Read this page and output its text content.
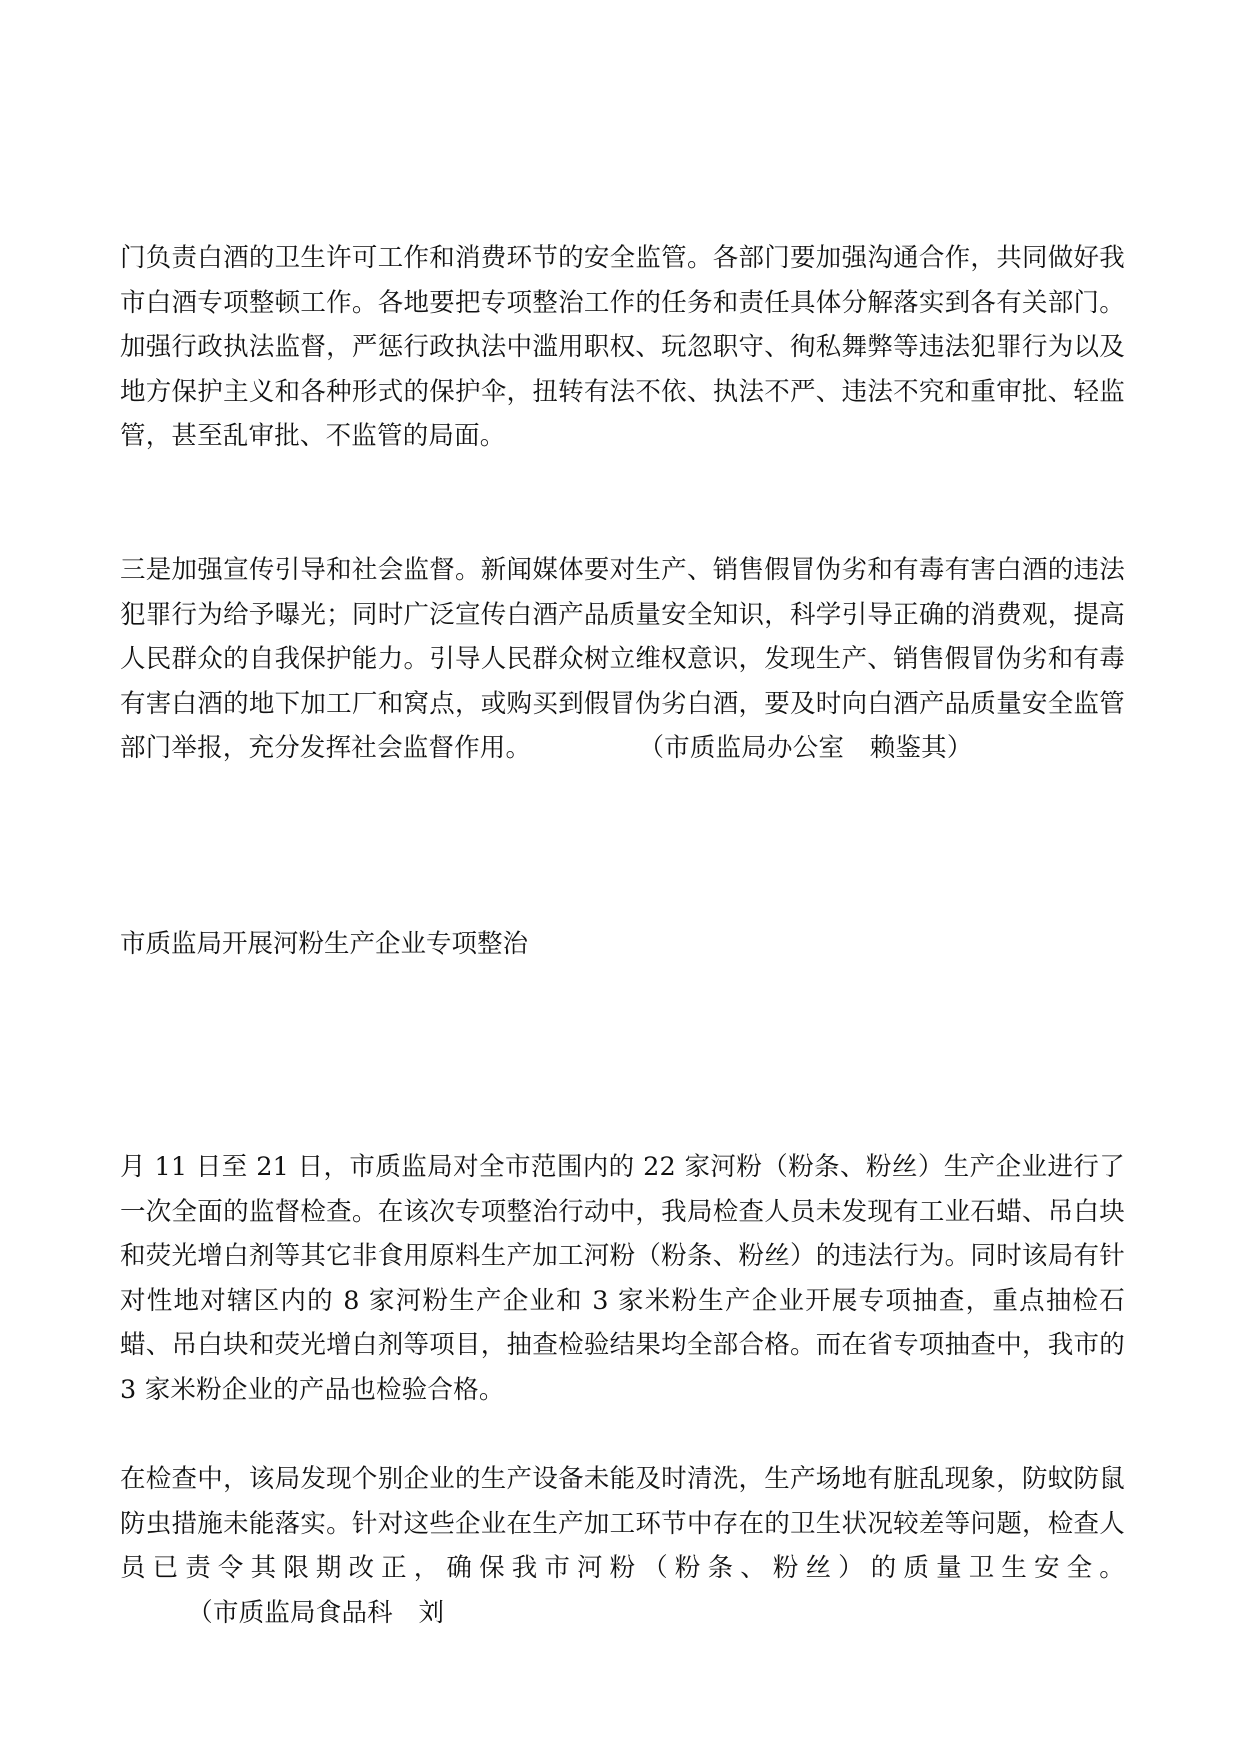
门负责白酒的卫生许可工作和消费环节的安全监管。各部门要加强沟通合作，共同做好我市白酒专项整顿工作。各地要把专项整治工作的任务和责任具体分解落实到各有关部门。加强行政执法监督，严惩行政执法中滥用职权、玩忽职守、徇私舞弊等违法犯罪行为以及地方保护主义和各种形式的保护伞，扭转有法不依、执法不严、违法不究和重审批、轻监管，甚至乱审批、不监管的局面。

三是加强宣传引导和社会监督。新闻媒体要对生产、销售假冒伪劣和有毒有害白酒的违法犯罪行为给予曝光；同时广泛宣传白酒产品质量安全知识，科学引导正确的消费观，提高人民群众的自我保护能力。引导人民群众树立维权意识，发现生产、销售假冒伪劣和有毒有害白酒的地下加工厂和窝点，或购买到假冒伪劣白酒，要及时向白酒产品质量安全监管部门举报，充分发挥社会监督作用。	（市质监局办公室　赖鉴其）

市质监局开展河粉生产企业专项整治

月 11 日至 21 日，市质监局对全市范围内的 22 家河粉（粉条、粉丝）生产企业进行了一次全面的监督检查。在该次专项整治行动中，我局检查人员未发现有工业石蜡、吊白块和荧光增白剂等其它非食用原料生产加工河粉（粉条、粉丝）的违法行为。同时该局有针对性地对辖区内的 8 家河粉生产企业和 3 家米粉生产企业开展专项抽查，重点抽检石蜡、吊白块和荧光增白剂等项目，抽查检验结果均全部合格。而在省专项抽查中，我市的 3 家米粉企业的产品也检验合格。

在检查中，该局发现个别企业的生产设备未能及时清洗，生产场地有脏乱现象，防蚊防鼠防虫措施未能落实。针对这些企业在生产加工环节中存在的卫生状况较差等问题，检查人员已责令其限期改正，确保我市河粉（粉条、粉丝）的质量卫生安全。（市质监局食品科　刘
